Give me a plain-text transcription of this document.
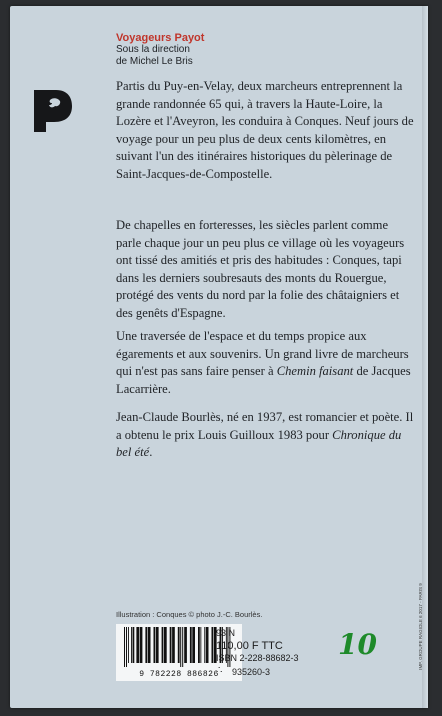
Voyageurs Payot
Sous la direction
de Michel Le Bris

Partis du Puy-en-Velay, deux marcheurs entreprennent la grande randonnée 65 qui, à travers la Haute-Loire, la Lozère et l'Aveyron, les conduira à Conques. Neuf jours de voyage pour un peu plus de deux cents kilomètres, en suivant l'un des itinéraires historiques du pèlerinage de Saint-Jacques-de-Compostelle.

De chapelles en forteresses, les siècles parlent comme parle chaque jour un peu plus ce village où les voyageurs ont tissé des amitiés et pris des habitudes : Conques, tapi dans les derniers soubresauts des monts du Rouergue, protégé des vents du nord par la folie des châtaigniers et des genêts d'Espagne.

Une traversée de l'espace et du temps propice aux égarements et aux souvenirs. Un grand livre de marcheurs qui n'est pas sans faire penser à Chemin faisant de Jacques Lacarrière.

Jean-Claude Bourlès, né en 1937, est romancier et poète. Il a obtenu le prix Louis Guilloux 1983 pour Chronique du bel été.

Illustration : Conques © photo J.-C. Bourlès.
9 782228 886826
93 N
110,00 F TTC
ISBN 2-228-88682-3
∴ 935260-3
10	IMP. GROUPE RAGIOLE 6 2017 - PARIS 9
